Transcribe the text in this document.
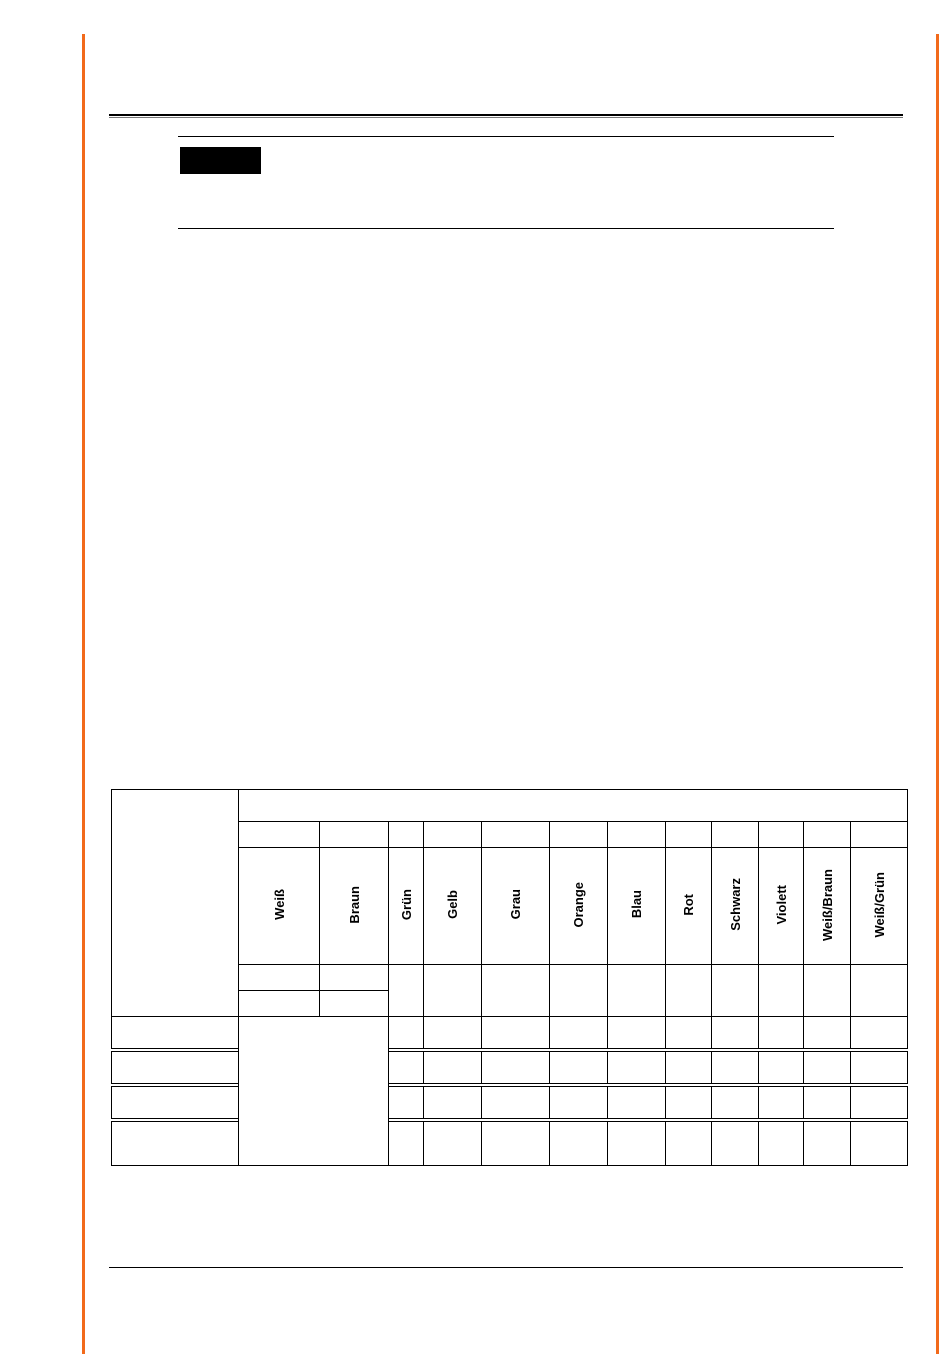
	Weiß	Braun	Grün	Gelb	Grau	Orange	Blau	Rot	Schwarz	Violett	Weiß/Braun	Weiß/Grün
